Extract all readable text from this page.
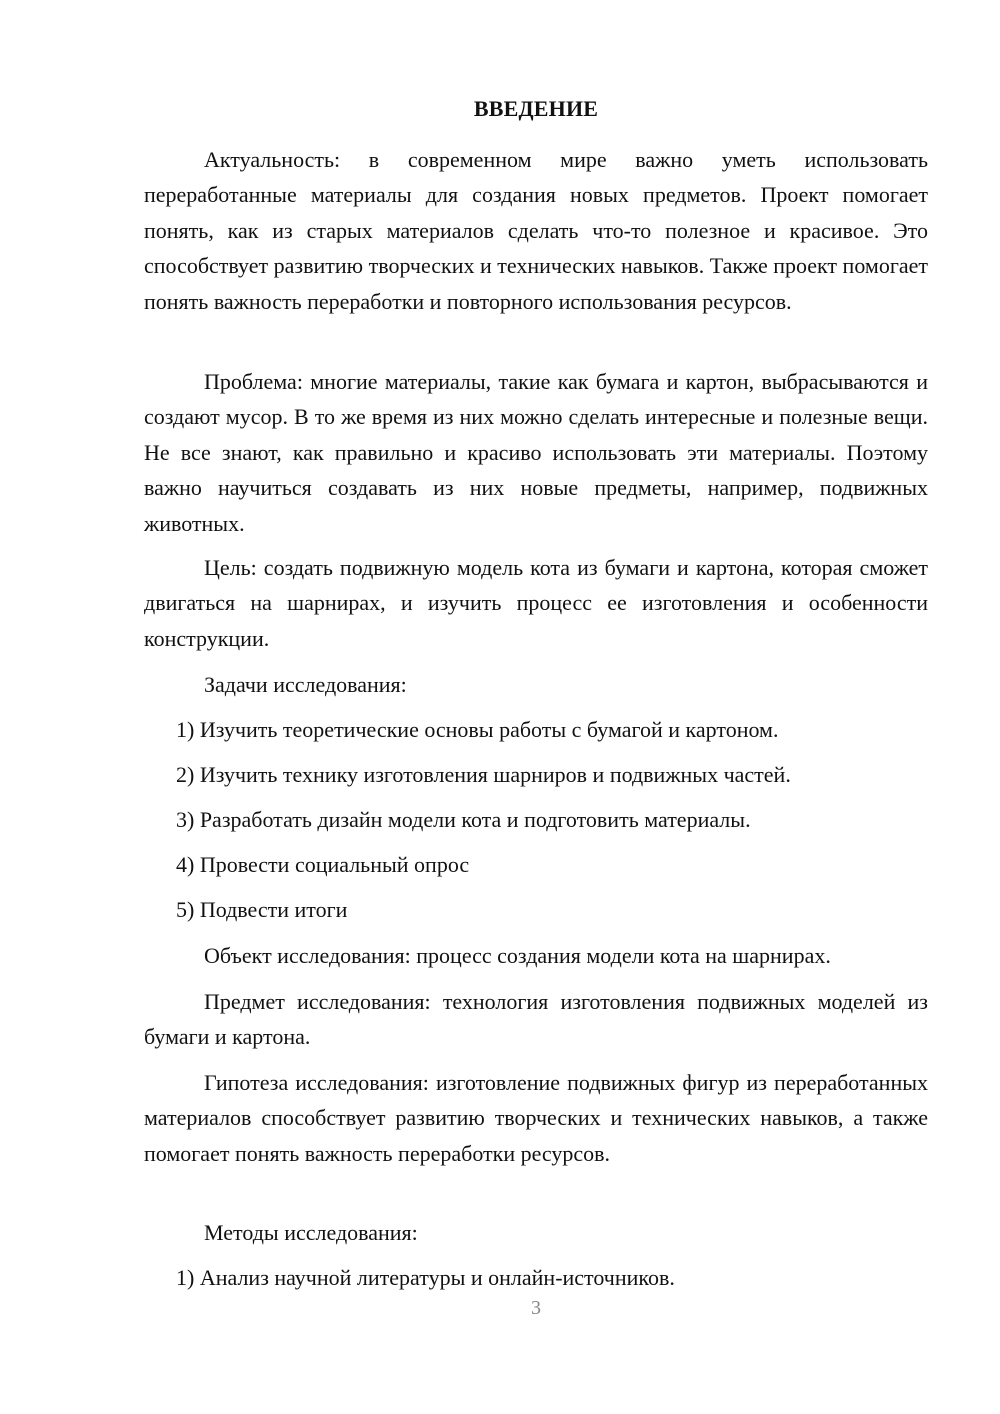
ВВЕДЕНИЕ

Актуальность: в современном мире важно уметь использовать переработанные материалы для создания новых предметов. Проект помогает понять, как из старых материалов сделать что-то полезное и красивое. Это способствует развитию творческих и технических навыков. Также проект помогает понять важность переработки и повторного использования ресурсов.

Проблема: многие материалы, такие как бумага и картон, выбрасываются и создают мусор. В то же время из них можно сделать интересные и полезные вещи. Не все знают, как правильно и красиво использовать эти материалы. Поэтому важно научиться создавать из них новые предметы, например, подвижных животных.

Цель: создать подвижную модель кота из бумаги и картона, которая сможет двигаться на шарнирах, и изучить процесс ее изготовления и особенности конструкции.

Задачи исследования:

1) Изучить теоретические основы работы с бумагой и картоном.

2) Изучить технику изготовления шарниров и подвижных частей.

3) Разработать дизайн модели кота и подготовить материалы.

4) Провести социальный опрос

5) Подвести итоги

Объект исследования: процесс создания модели кота на шарнирах.

Предмет исследования: технология изготовления подвижных моделей из бумаги и картона.

Гипотеза исследования: изготовление подвижных фигур из переработанных материалов способствует развитию творческих и технических навыков, а также помогает понять важность переработки ресурсов.

Методы исследования:

1) Анализ научной литературы и онлайн-источников.

3
